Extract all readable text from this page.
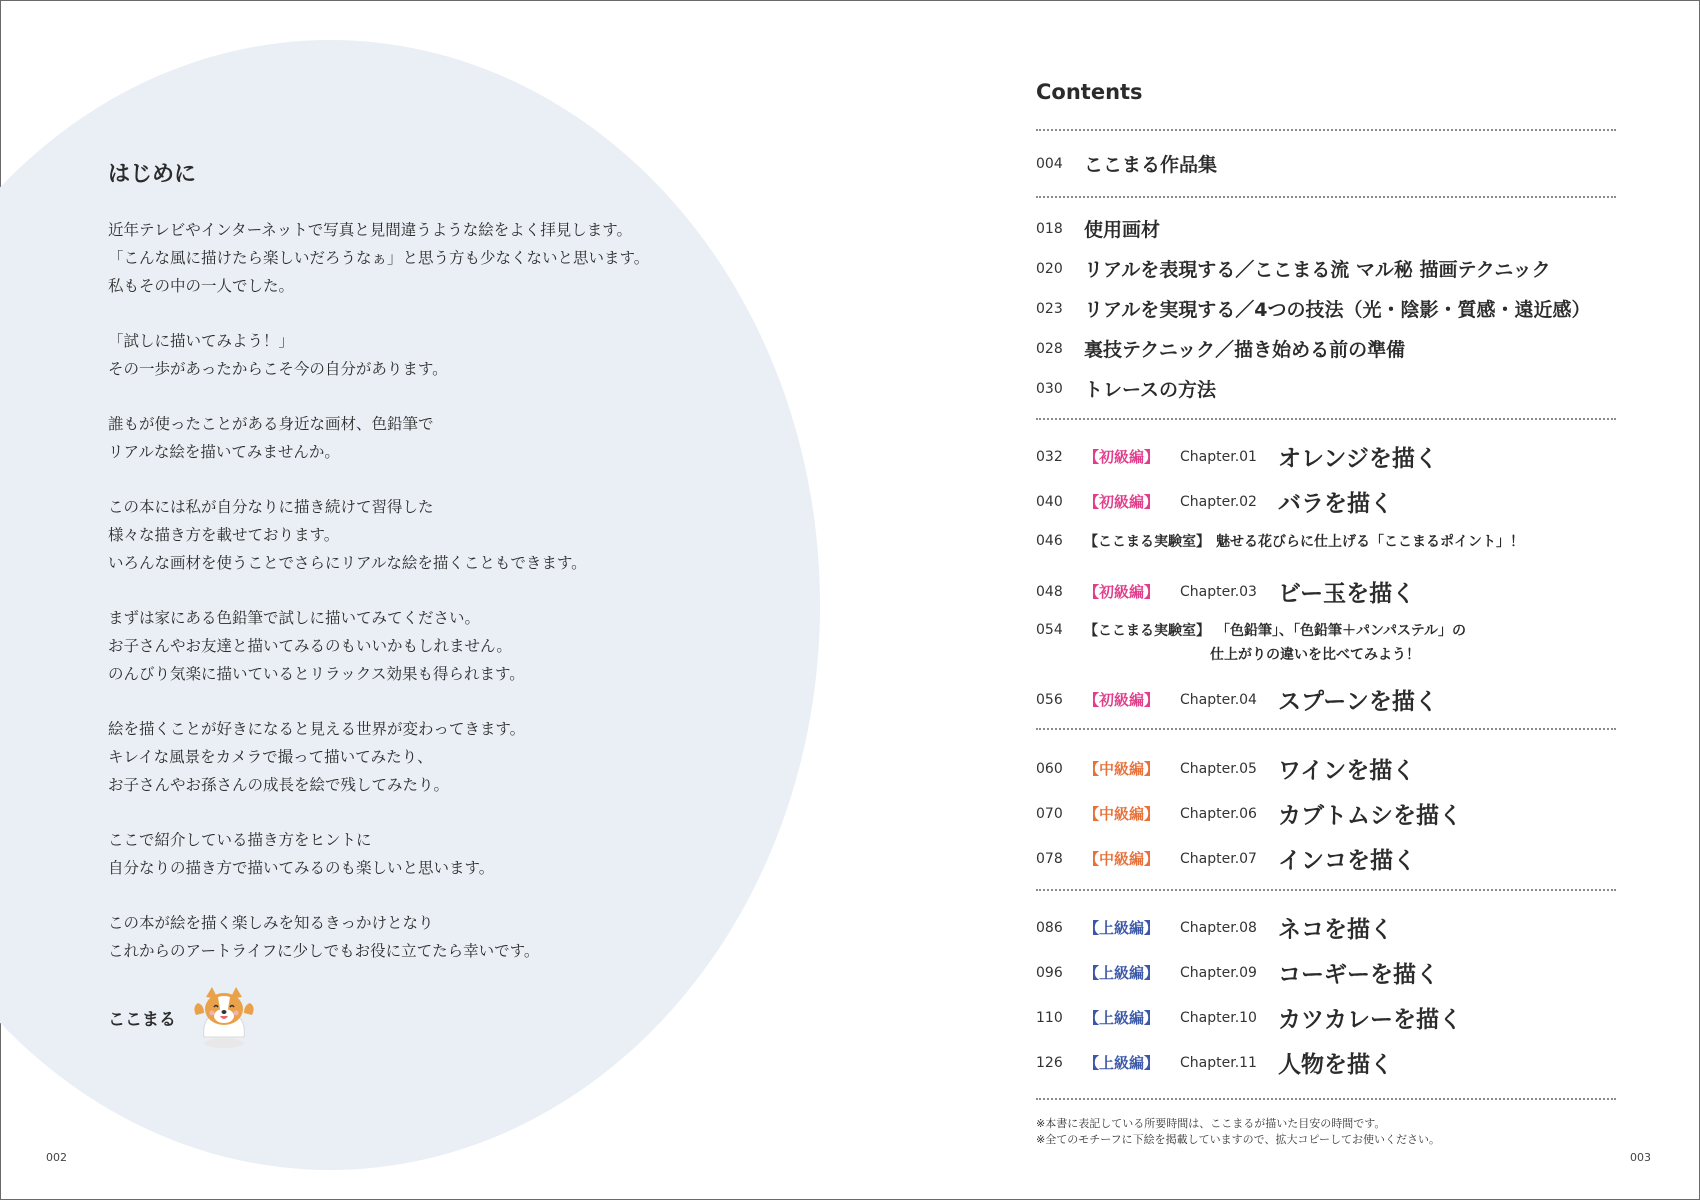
はじめに
近年テレビやインターネットで写真と見間違うような絵をよく拝見します。
「こんな風に描けたら楽しいだろうなぁ」と思う方も少なくないと思います。
私もその中の一人でした。
「試しに描いてみよう！」
その一歩があったからこそ今の自分があります。
誰もが使ったことがある身近な画材、色鉛筆で
リアルな絵を描いてみませんか。
この本には私が自分なりに描き続けて習得した
様々な描き方を載せております。
いろんな画材を使うことでさらにリアルな絵を描くこともできます。
まずは家にある色鉛筆で試しに描いてみてください。
お子さんやお友達と描いてみるのもいいかもしれません。
のんびり気楽に描いているとリラックス効果も得られます。
絵を描くことが好きになると見える世界が変わってきます。
キレイな風景をカメラで撮って描いてみたり、
お子さんやお孫さんの成長を絵で残してみたり。
ここで紹介している描き方をヒントに
自分なりの描き方で描いてみるのも楽しいと思います。
この本が絵を描く楽しみを知るきっかけとなり
これからのアートライフに少しでもお役に立てたら幸いです。
ここまる
002
Contents
004	ここまる作品集
018	使用画材
020	リアルを表現する／ここまる流 マル秘 描画テクニック
023	リアルを実現する／4つの技法（光・陰影・質感・遠近感）
028	裏技テクニック／描き始める前の準備
030	トレースの方法
032	【初級編】	Chapter.01 オレンジを描く
040	【初級編】	Chapter.02 バラを描く
046	【ここまる実験室】 魅せる花びらに仕上げる「ここまるポイント」！
048	【初級編】	Chapter.03 ビー玉を描く
054	【ここまる実験室】 「色鉛筆」、「色鉛筆＋パンパステル」の
仕上がりの違いを比べてみよう！
056	【初級編】	Chapter.04 スプーンを描く
060	【中級編】	Chapter.05 ワインを描く
070	【中級編】	Chapter.06 カブトムシを描く
078	【中級編】	Chapter.07 インコを描く
086	【上級編】	Chapter.08 ネコを描く
096	【上級編】	Chapter.09 コーギーを描く
110	【上級編】	Chapter.10 カツカレーを描く
126	【上級編】	Chapter.11 人物を描く
※本書に表記している所要時間は、ここまるが描いた目安の時間です。
※全てのモチーフに下絵を掲載していますので、拡大コピーしてお使いください。
003
